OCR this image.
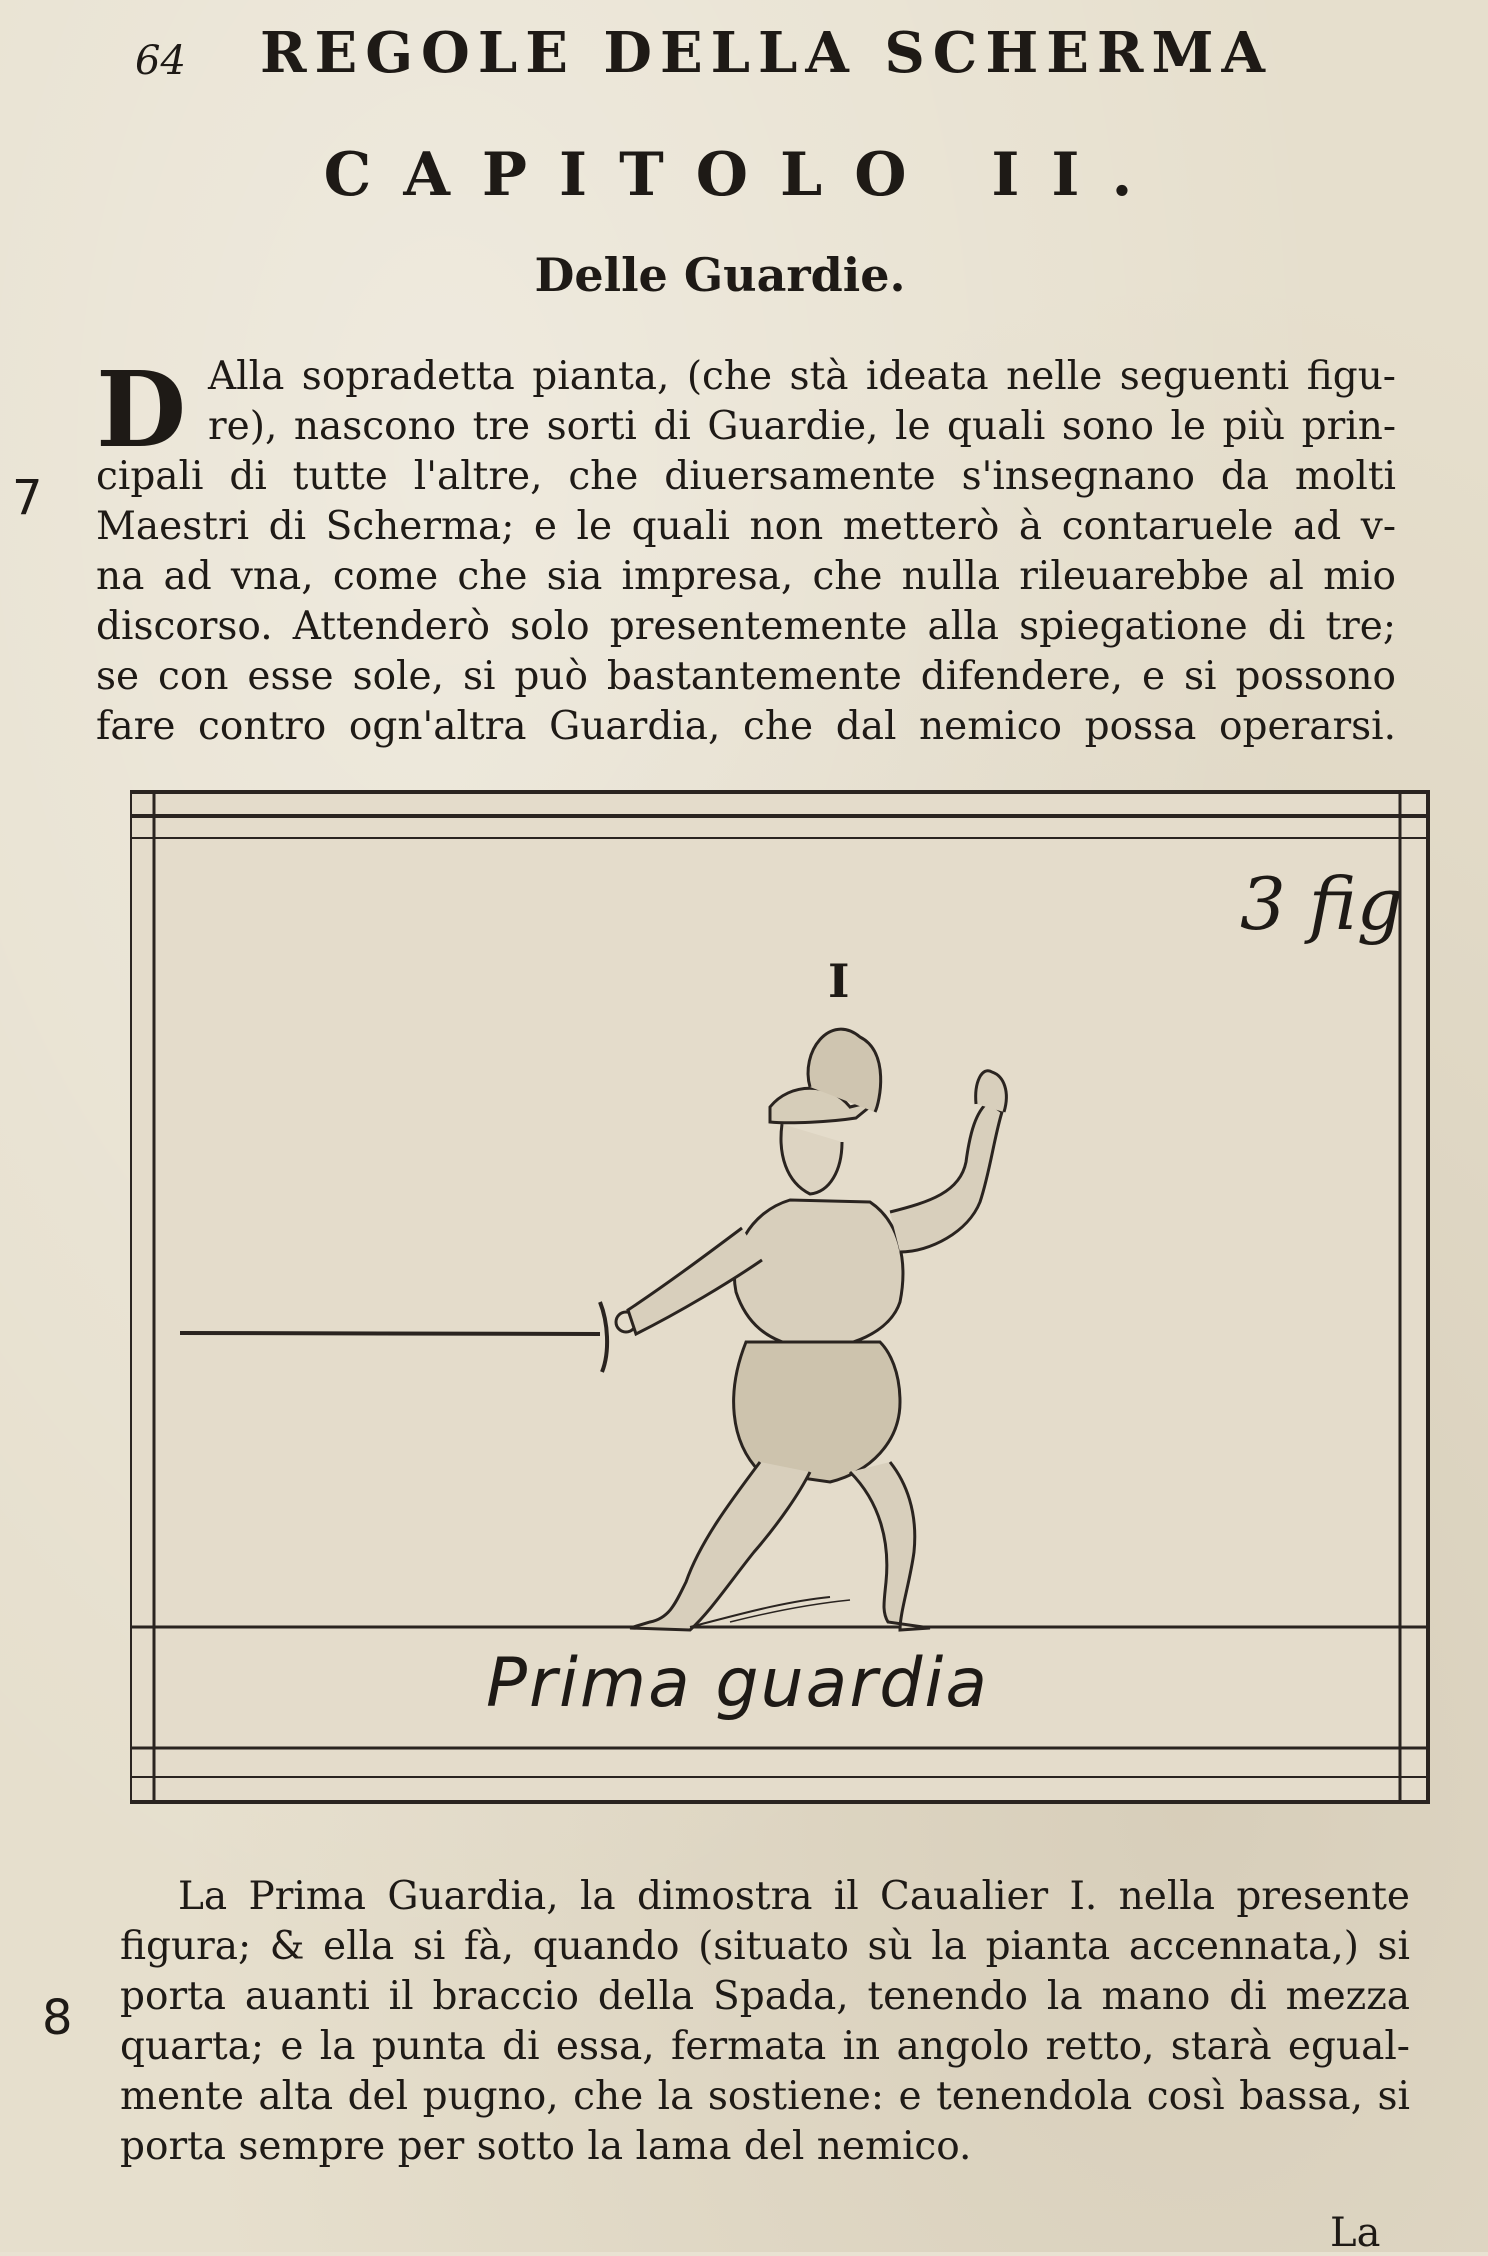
64 REGOLE DELLA SCHERMA
CAPITOLO II.
Delle Guardie.
D Alla sopradetta pianta, (che stà ideata nelle seguenti figu-
re), nascono tre sorti di Guardie, le quali sono le più prin-
cipali di tutte l'altre, che diuersamente s'insegnano da molti
Maestri di Scherma; e le quali non metterò à contaruele ad v-
na ad vna, come che sia impresa, che nulla rileuarebbe al mio
discorso. Attenderò solo presentemente alla spiegatione di tre;
se con esse sole, si può bastantemente difendere, e si possono
fare contro ogn'altra Guardia, che dal nemico possa operarsi.
7
3 fig
I
Prima guardia
La Prima Guardia, la dimostra il Caualier I. nella presente
figura; & ella si fà, quando (situato sù la pianta accennata,) si
porta auanti il braccio della Spada, tenendo la mano di mezza
quarta; e la punta di essa, fermata in angolo retto, starà egual-
mente alta del pugno, che la sostiene: e tenendola così bassa, si
porta sempre per sotto la lama del nemico.
8
La
